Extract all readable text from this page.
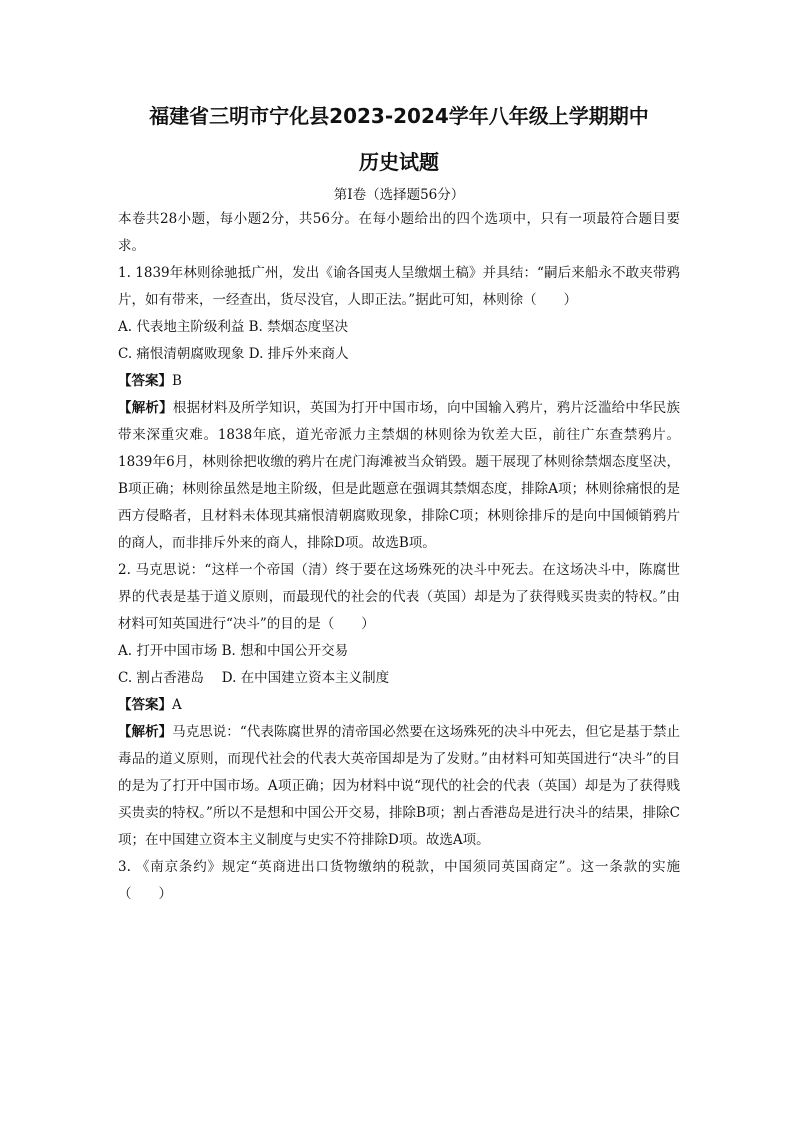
福建省三明市宁化县2023-2024学年八年级上学期期中
历史试题
第Ⅰ卷（选择题56分）

本卷共28小题，每小题2分，共56分。在每小题给出的四个选项中，只有一项最符合题目要求。

1. 1839年林则徐驰抵广州，发出《谕各国夷人呈缴烟土稿》并具结：“嗣后来船永不敢夹带鸦片，如有带来，一经查出，货尽没官，人即正法。”据此可知，林则徐（　　）

A. 代表地主阶级利益 B. 禁烟态度坚决

C. 痛恨清朝腐败现象 D. 排斥外来商人

【答案】B

【解析】根据材料及所学知识，英国为打开中国市场，向中国输入鸦片，鸦片泛滥给中华民族带来深重灾难。1838年底，道光帝派力主禁烟的林则徐为钦差大臣，前往广东查禁鸦片。1839年6月，林则徐把收缴的鸦片在虎门海滩被当众销毁。题干展现了林则徐禁烟态度坚决，B项正确；林则徐虽然是地主阶级，但是此题意在强调其禁烟态度，排除A项；林则徐痛恨的是西方侵略者，且材料未体现其痛恨清朝腐败现象，排除C项；林则徐排斥的是向中国倾销鸦片的商人，而非排斥外来的商人，排除D项。故选B项。

2. 马克思说：“这样一个帝国（清）终于要在这场殊死的决斗中死去。在这场决斗中，陈腐世界的代表是基于道义原则，而最现代的社会的代表（英国）却是为了获得贱买贵卖的特权。”由材料可知英国进行“决斗”的目的是（　　）

A. 打开中国市场 B. 想和中国公开交易

C. 割占香港岛　 D. 在中国建立资本主义制度

【答案】A

【解析】马克思说：“代表陈腐世界的清帝国必然要在这场殊死的决斗中死去，但它是基于禁止毒品的道义原则，而现代社会的代表大英帝国却是为了发财。”由材料可知英国进行“决斗”的目的是为了打开中国市场。A项正确；因为材料中说“现代的社会的代表（英国）却是为了获得贱买贵卖的特权。”所以不是想和中国公开交易，排除B项；割占香港岛是进行决斗的结果，排除C项；在中国建立资本主义制度与史实不符排除D项。故选A项。

3. 《南京条约》规定“英商进出口货物缴纳的税款，中国须同英国商定”。这一条款的实施（　　）
